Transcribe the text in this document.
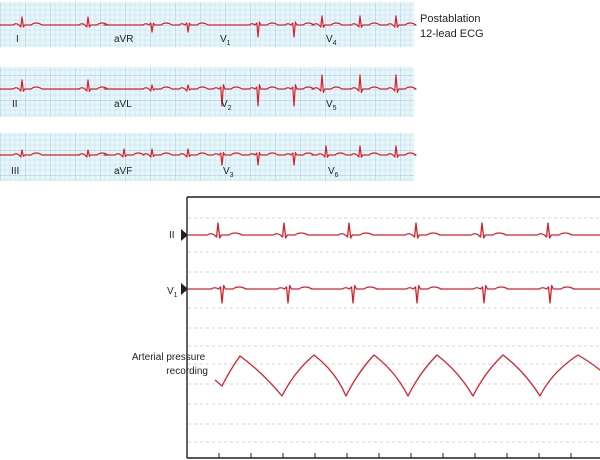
I	aVR	$V_1$	$V_4$
II	aVL	$V_2$	$V_5$
III	aVF	$V_3$	$V_6$
Postablation 12-lead ECG
II
$V_1$
Arterial pressure recording
